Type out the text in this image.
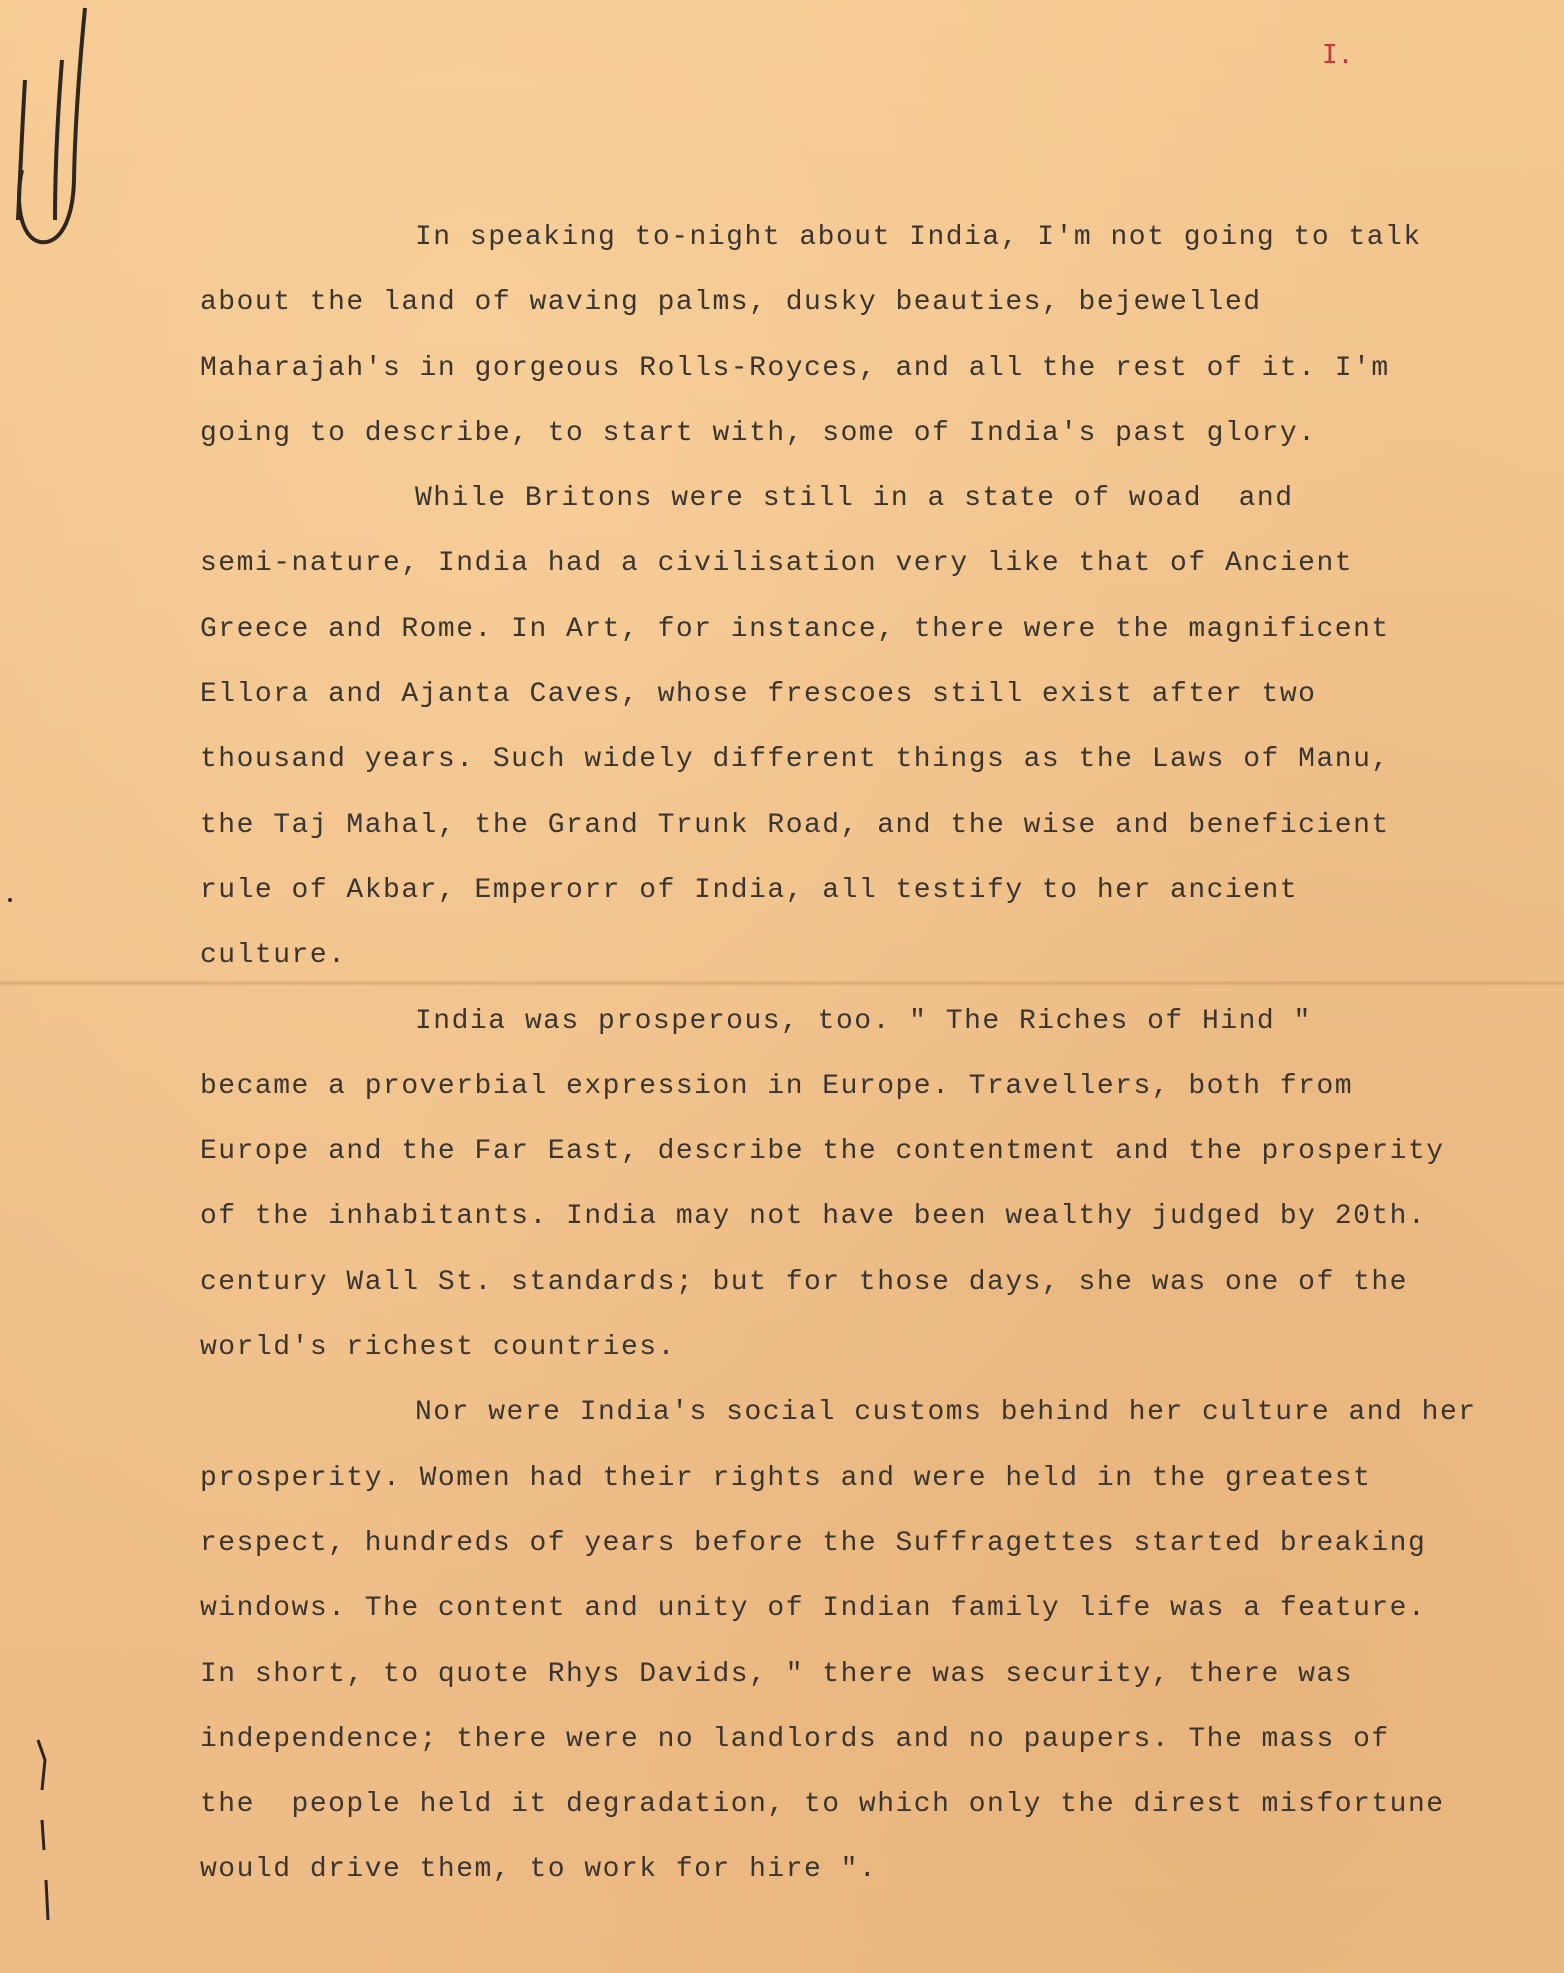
I.
In speaking to-night about India, I'm not going to talk
about the land of waving palms, dusky beauties, bejewelled
Maharajah's in gorgeous Rolls-Royces, and all the rest of it. I'm
going to describe, to start with, some of India's past glory.
While Britons were still in a state of woad  and
semi-nature, India had a civilisation very like that of Ancient
Greece and Rome. In Art, for instance, there were the magnificent
Ellora and Ajanta Caves, whose frescoes still exist after two
thousand years. Such widely different things as the Laws of Manu,
the Taj Mahal, the Grand Trunk Road, and the wise and beneficient
rule of Akbar, Emperorr of India, all testify to her ancient
culture.
India was prosperous, too. " The Riches of Hind "
became a proverbial expression in Europe. Travellers, both from
Europe and the Far East, describe the contentment and the prosperity
of the inhabitants. India may not have been wealthy judged by 20th.
century Wall St. standards; but for those days, she was one of the
world's richest countries.
Nor were India's social customs behind her culture and her
prosperity. Women had their rights and were held in the greatest
respect, hundreds of years before the Suffragettes started breaking
windows. The content and unity of Indian family life was a feature.
In short, to quote Rhys Davids, " there was security, there was
independence; there were no landlords and no paupers. The mass of
the  people held it degradation, to which only the direst misfortune
would drive them, to work for hire ".
